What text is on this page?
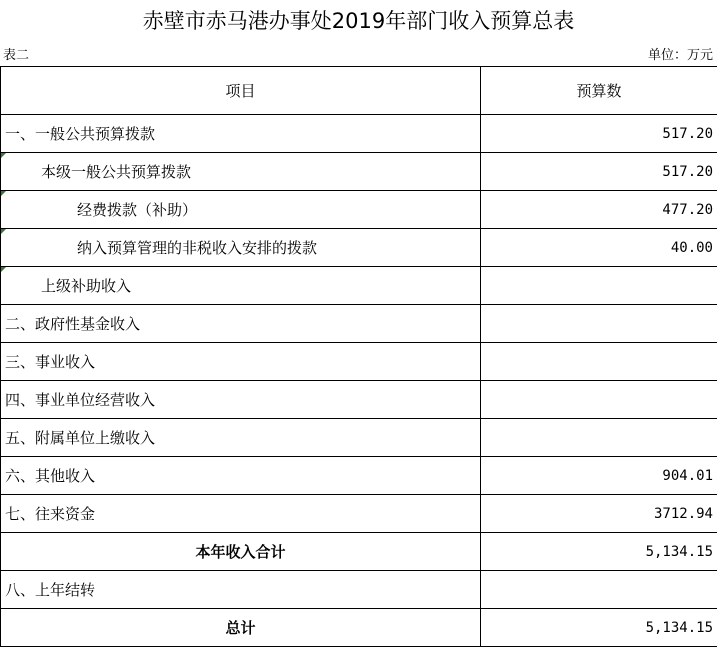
赤壁市赤马港办事处2019年部门收入预算总表
表二	单位：万元
项目	预算数
一、一般公共预算拨款	517.20

本级一般公共预算拨款	517.20

经费拨款（补助）	477.20

纳入预算管理的非税收入安排的拨款	40.00

上级补助收入	
二、政府性基金收入	
三、事业收入	
四、事业单位经营收入	
五、附属单位上缴收入	
六、其他收入	904.01
七、往来资金	3712.94
本年收入合计	5,134.15
八、上年结转	
总计	5,134.15
